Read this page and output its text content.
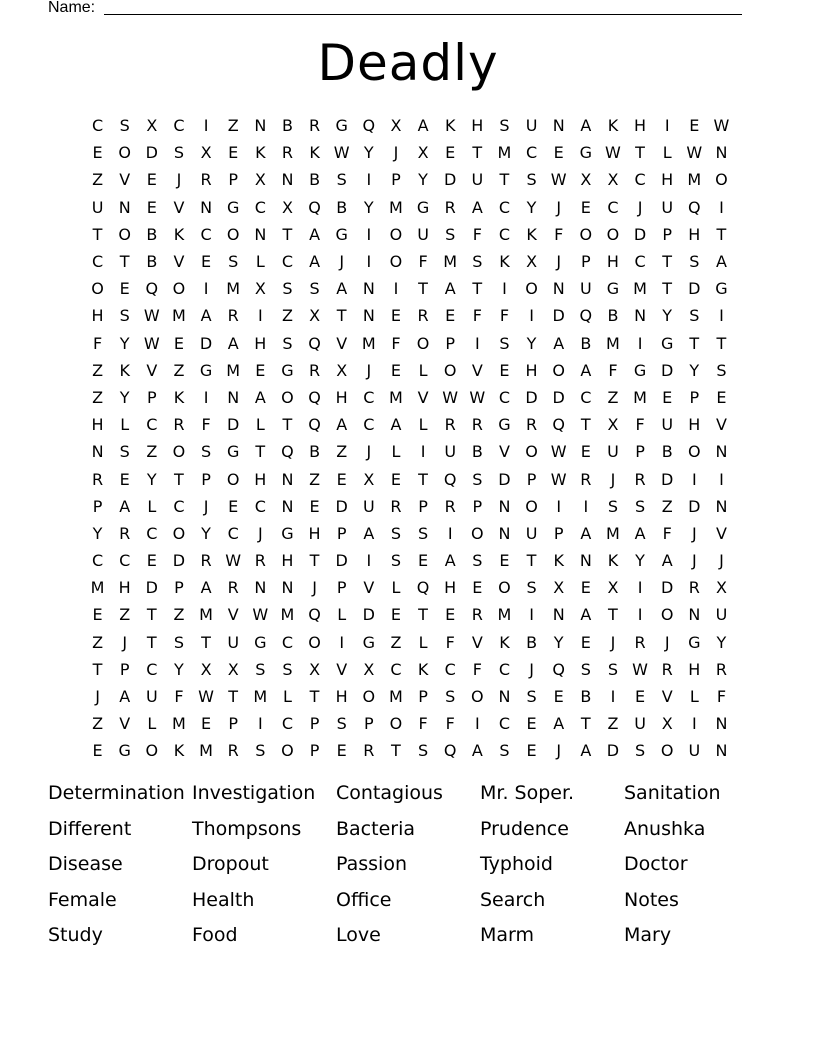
Name:
Deadly
C	S	X	C	I	Z N B	R G Q X	A	K H	S	U N A	K H	I	E W
E O D S	X	E	K	R	K W Y	J	X	E	T M C	E G W T	L W N
Z	V	E	J	R	P	X N B	S	I	P	Y	D U	T	S W X	X	C H M O
U N	E	V N G C	X Q B	Y M G R	A	C	Y	J	E	C	J	U Q	I
T O B	K	C O N	T	A G	I	O U	S	F	C	K	F	O O D	P	H	T
C	T	B	V	E	S	L	C	A	J	I	O	F M S	K	X	J	P	H C	T	S	A
O E Q O	I	M X	S	S	A N	I	T	A	T	I	O N U G M T	D G
H	S W M A	R	I	Z	X	T	N	E	R	E	F	F	I	D Q B N	Y	S	I
F	Y W E D A H	S Q V M F	O	P	I	S	Y	A	B M	I	G	T	T
Z	K	V	Z G M E G R	X	J	E	L	O V	E	H O A	F	G D	Y	S
Z	Y	P	K	I	N A O Q H C M V W W C D D C	Z M E	P	E
H	L	C R	F	D	L	T Q A	C	A	L	R	R G R Q T	X	F	U H V
N	S	Z O S G	T Q B	Z	J	L	I	U B	V O W E	U	P	B O N
R	E	Y	T	P	O H N Z	E	X	E	T Q S D	P W R	J	R D	I	I
P	A	L	C	J	E	C N	E D U R	P	R	P	N O	I	I	S	S	Z D N
Y	R C O Y	C	J	G H	P	A	S	S	I	O N U	P	A M A	F	J	V
C C	E D R W R H	T	D	I	S	E	A	S	E	T	K N K	Y	A	J	J
M H D	P	A	R N N	J	P	V	L	Q H	E O S	X	E	X	I	D R	X
E	Z	T	Z M V W M Q	L	D E	T	E	R M	I	N A	T	I	O N U
Z	J	T	S	T	U G C O	I	G Z	L	F	V	K	B	Y	E	J	R	J	G	Y
T	P	C	Y	X	X	S	S	X	V	X	C	K	C	F	C	J	Q S	S W R H R
J	A U	F W T M L	T	H O M P	S O N	S	E	B	I	E	V	L	F
Z	V	L M E	P	I	C	P	S	P	O	F	F	I	C	E	A	T	Z U X	I	N
E G O K M R	S O	P	E	R	T	S Q A	S	E	J	A D S O U N
Determination Investigation	Contagious	Mr. Soper.	Sanitation
Different	Thompsons	Bacteria	Prudence	Anushka
Disease	Dropout	Passion	Typhoid	Doctor
Female	Health	Office	Search	Notes
Study	Food	Love	Marm	Mary
